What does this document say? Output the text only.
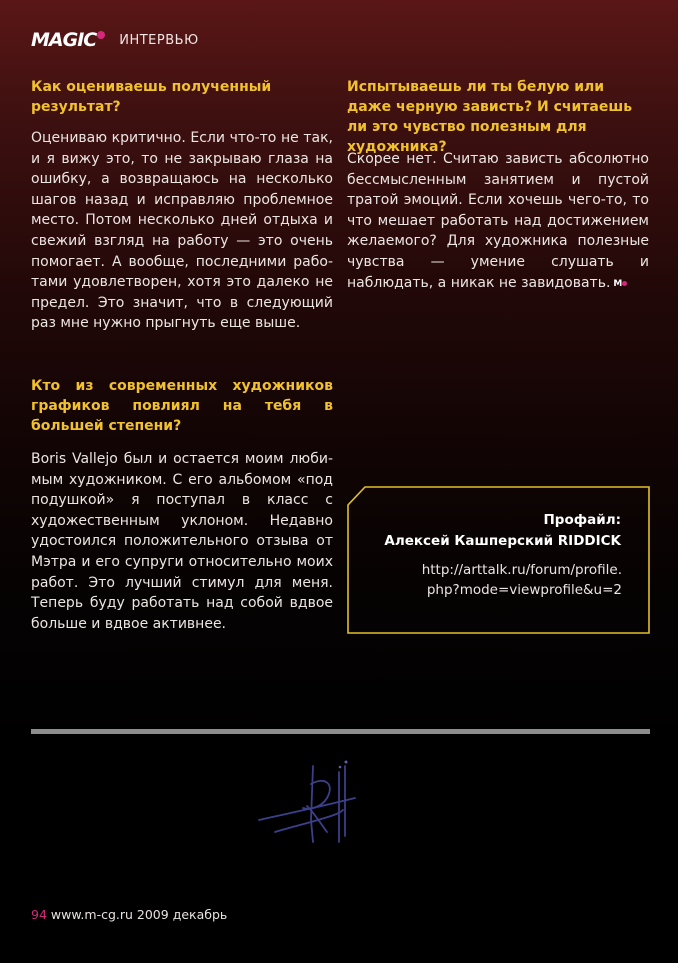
MAGIC	ИНТЕРВЬЮ
Как оцениваешь полученный результат?
Оцениваю критично. Если что-то не так, и я вижу это, то не закрываю глаза на ошибку, а возвращаюсь на несколько шагов назад и исправляю проблемное место. Потом несколько дней отдыха и свежий взгляд на работу — это очень помогает. А вообще, последними работами удовлетворен, хотя это далеко не предел. Это значит, что в следующий раз мне нужно прыгнуть еще выше.
Кто из современных художников графиков повлиял на тебя в большей степени?
Boris Vallejo был и остается моим любимым художником. С его альбомом «под подушкой» я поступал в класс с художественным уклоном. Недавно удостоился положительного отзыва от Мэтра и его супруги относительно моих работ. Это лучший стимул для меня. Теперь буду работать над собой вдвое больше и вдвое активнее.
Испытываешь ли ты белую или даже черную зависть? И считаешь ли это чувство полезным для художника?
Скорее нет. Считаю зависть абсолютно бессмысленным занятием и пустой тратой эмоций. Если хочешь чего-то, то что мешает работать над достижением желаемого? Для художника полезные чувства — умение слушать и наблюдать, а никак не завидовать. M
Профайл:
Алексей Кашперский RIDDICK
http://arttalk.ru/forum/profile.
php?mode=viewprofile&u=2
94 www.m-cg.ru 2009 декабрь
